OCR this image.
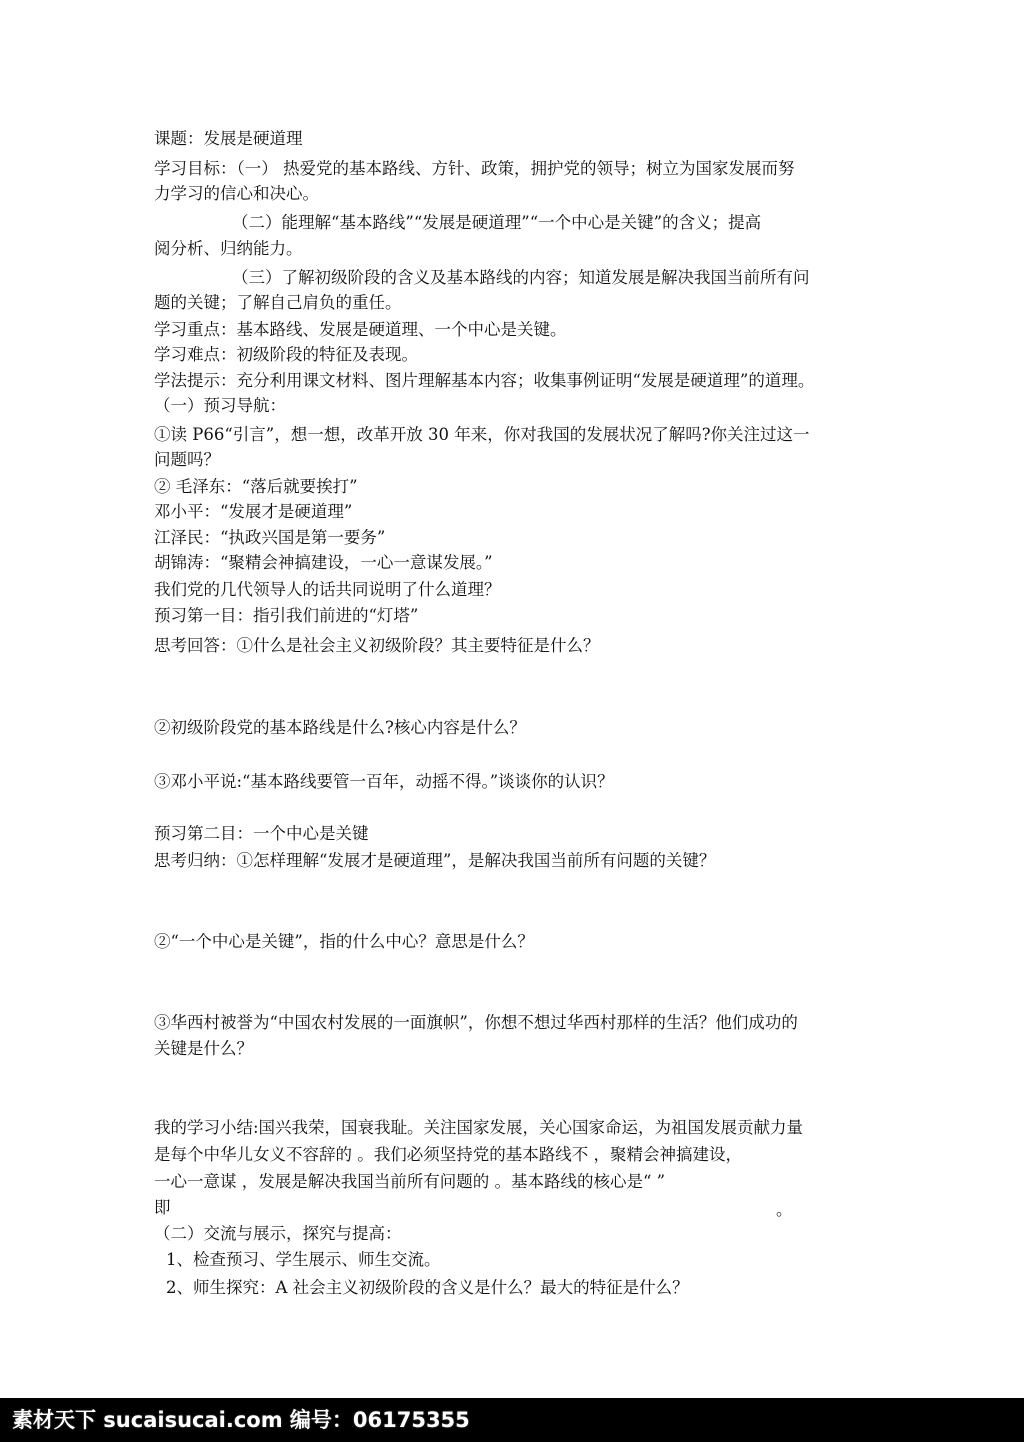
课题：发展是硬道理
学习目标：（一） 热爱党的基本路线、方针、政策，拥护党的领导；树立为国家发展而努
力学习的信心和决心。
（二）能理解“基本路线”“发展是硬道理”“一个中心是关键”的含义；提高
阅分析、归纳能力。
（三）了解初级阶段的含义及基本路线的内容；知道发展是解决我国当前所有问
题的关键；了解自己肩负的重任。
学习重点：基本路线、发展是硬道理、一个中心是关键。
学习难点：初级阶段的特征及表现。
学法提示：充分利用课文材料、图片理解基本内容；收集事例证明“发展是硬道理”的道理。
（一）预习导航：
①读 P66“引言”，想一想，改革开放 30 年来，你对我国的发展状况了解吗?你关注过这一
问题吗？
② 毛泽东：“落后就要挨打”
邓小平：“发展才是硬道理”
江泽民：“执政兴国是第一要务”
胡锦涛：“聚精会神搞建设，一心一意谋发展。”
我们党的几代领导人的话共同说明了什么道理？
预习第一目：指引我们前进的“灯塔”
思考回答：①什么是社会主义初级阶段？其主要特征是什么？
②初级阶段党的基本路线是什么?核心内容是什么？
③邓小平说:“基本路线要管一百年，动摇不得。”谈谈你的认识？
预习第二目：一个中心是关键
思考归纳：①怎样理解“发展才是硬道理”，是解决我国当前所有问题的关键？
②“一个中心是关键”，指的什么中心？意思是什么？
③华西村被誉为“中国农村发展的一面旗帜”，你想不想过华西村那样的生活？他们成功的
关键是什么？
我的学习小结:国兴我荣，国衰我耻。关注国家发展，关心国家命运，为祖国发展贡献力量
是每个中华儿女义不容辞的 。我们必须坚持党的基本路线不 ，聚精会神搞建设，
一心一意谋 ，发展是解决我国当前所有问题的 。基本路线的核心是“ ”
即	。
（二）交流与展示，探究与提高：
1、检查预习、学生展示、师生交流。
2、师生探究：A 社会主义初级阶段的含义是什么？最大的特征是什么？
素材天下 sucaisucai.com 编号：06175355
